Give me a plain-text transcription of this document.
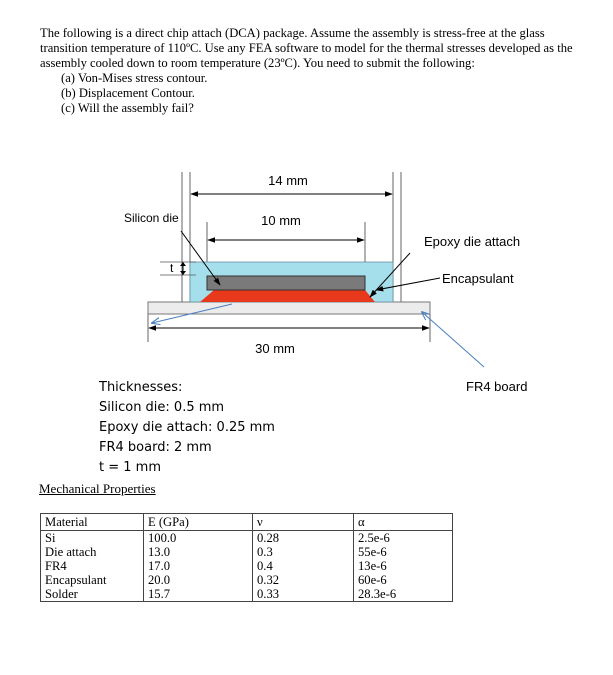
The following is a direct chip attach (DCA) package. Assume the assembly is stress-free at the glass transition temperature of 110ºC. Use any FEA software to model for the thermal stresses developed as the assembly cooled down to room temperature (23ºC). You need to submit the following:

(a) Von-Mises stress contour.
(b) Displacement Contour.
(c) Will the assembly fail?
14 mm
10 mm
30 mm
Silicon die
t
Epoxy die attach
Encapsulant
FR4 board
Thicknesses:
Silicon die: 0.5 mm
Epoxy die attach: 0.25 mm
FR4 board: 2 mm
t = 1 mm
Mechanical Properties
Material	E (GPa)	ν	α
Si	100.0	0.28	2.5e-6
Die attach	13.0	0.3	55e-6
FR4	17.0	0.4	13e-6
Encapsulant	20.0	0.32	60e-6
Solder	15.7	0.33	28.3e-6
